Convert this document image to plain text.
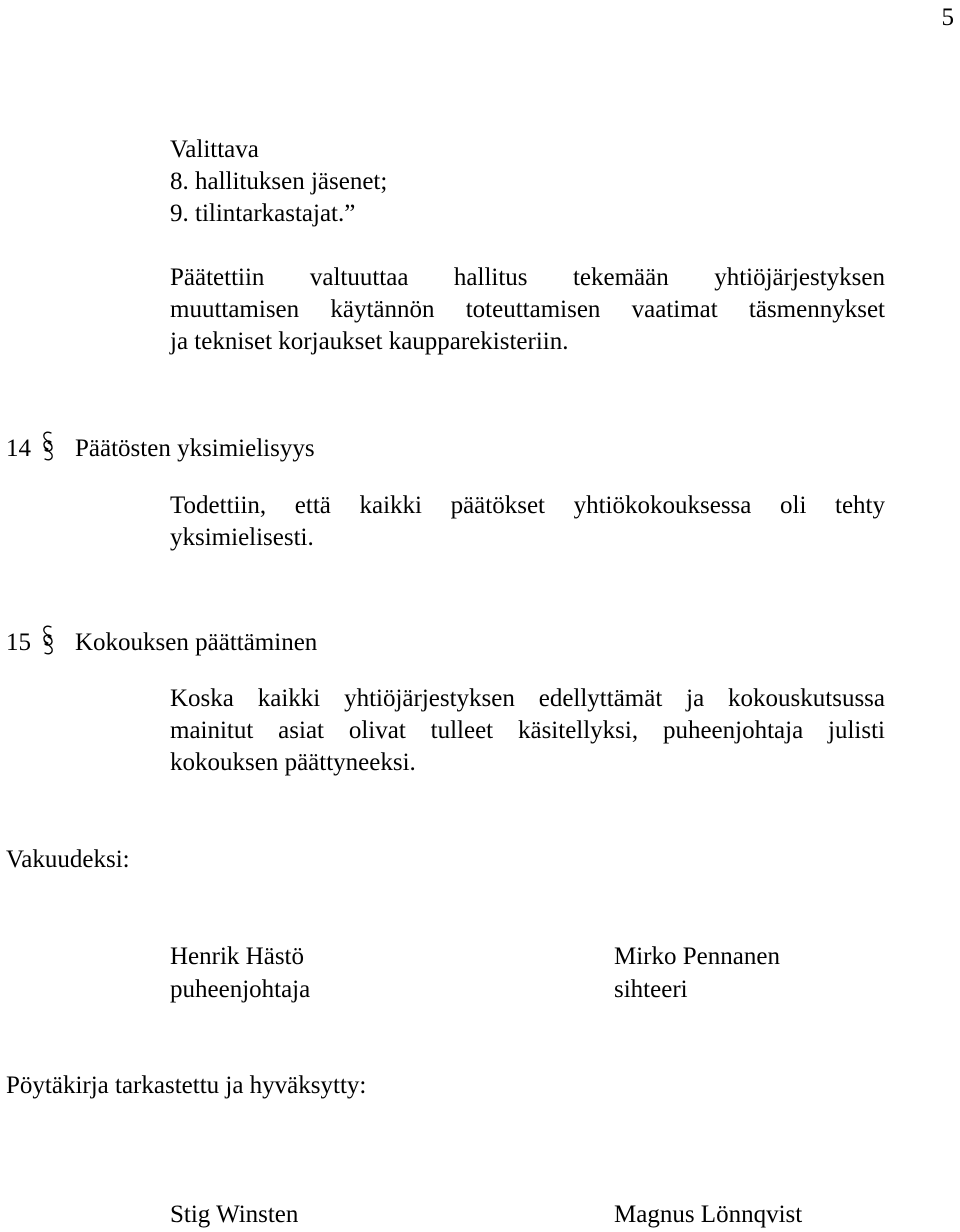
5
Valittava
8. hallituksen jäsenet;
9. tilintarkastajat.”
Päätettiin valtuuttaa hallitus tekemään yhtiöjärjestyksen
muuttamisen käytännön toteuttamisen vaatimat täsmennykset
ja tekniset korjaukset kaupparekisteriin.
14 Päätösten yksimielisyys
Todettiin, että kaikki päätökset yhtiökokouksessa oli tehty
yksimielisesti.
15 Kokouksen päättäminen
Koska kaikki yhtiöjärjestyksen edellyttämät ja kokouskutsussa
mainitut asiat olivat tulleet käsitellyksi, puheenjohtaja julisti
kokouksen päättyneeksi.
Vakuudeksi:
Henrik Hästö
puheenjohtaja
Mirko Pennanen
sihteeri
Pöytäkirja tarkastettu ja hyväksytty:
Stig Winsten	Magnus Lönnqvist
